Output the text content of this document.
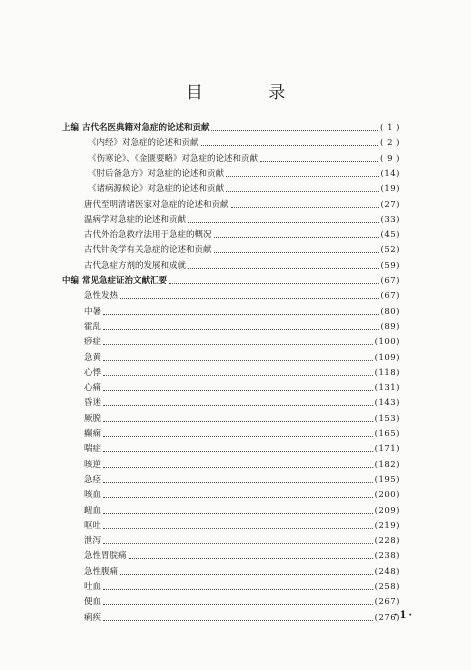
目 录
上编 古代名医典籍对急症的论述和贡献	( 1 )
《内经》对急症的论述和贡献	( 2 )
《伤寒论》、《金匮要略》对急症的论述和贡献	( 9 )
《肘后备急方》对急症的论述和贡献	(14)
《诸病源候论》对急症的论述和贡献	(19)
唐代至明清诸医家对急症的论述和贡献	(27)
温病学对急症的论述和贡献	(33)
古代外治急救疗法用于急症的概况	(45)
古代针灸学有关急症的论述和贡献	(52)
古代急症方剂的发展和成就	(59)
中编 常见急症证治文献汇要	(67)
急性发热	(67)
中暑	(80)
霍乱	(89)
痧症	(100)
急黄	(109)
心悸	(118)
心痛	(131)
昏迷	(143)
厥脱	(153)
癫痫	(165)
喘症	(171)
咳逆	(182)
急痉	(195)
咳血	(200)
衄血	(209)
呕吐	(219)
泄泻	(228)
急性胃脘痛	(238)
急性腹痛	(248)
吐血	(258)
便血	(267)
痢疾	(276)
·1·
